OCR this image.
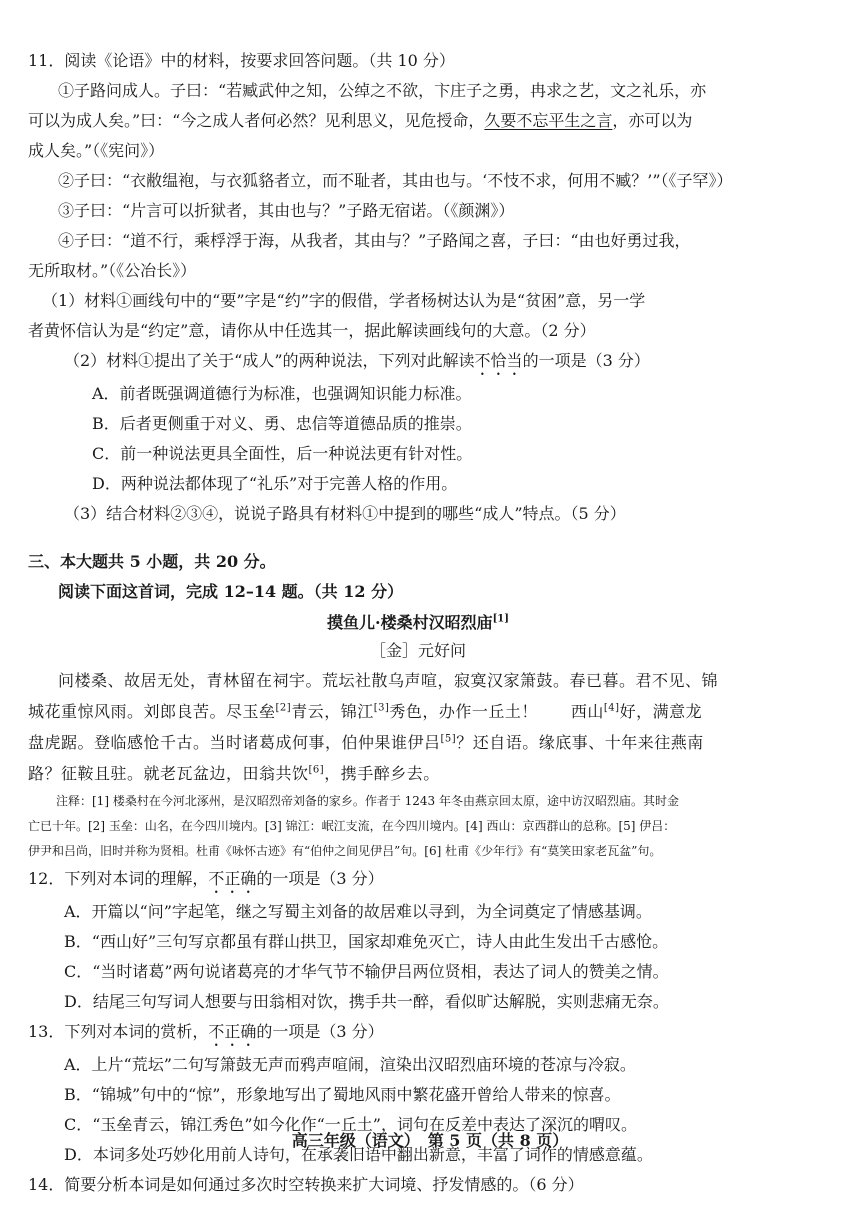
11．阅读《论语》中的材料，按要求回答问题。（共 10 分）
①子路问成人。子曰：“若臧武仲之知，公绰之不欲，卞庄子之勇，冉求之艺，文之礼乐，亦
可以为成人矣。”曰：“今之成人者何必然？见利思义，见危授命，久要不忘平生之言，亦可以为
成人矣。”（《宪问》）
②子曰：“衣敝缊袍，与衣狐貉者立，而不耻者，其由也与。‘不忮不求，何用不臧？’”（《子罕》）
③子曰：“片言可以折狱者，其由也与？”子路无宿诺。（《颜渊》）
④子曰：“道不行，乘桴浮于海，从我者，其由与？”子路闻之喜，子曰：“由也好勇过我，
无所取材。”（《公冶长》）
（1）材料①画线句中的“要”字是“约”字的假借，学者杨树达认为是“贫困”意，另一学
者黄怀信认为是“约定”意，请你从中任选其一，据此解读画线句的大意。（2 分）
（2）材料①提出了关于“成人”的两种说法，下列对此解读不恰当的一项是（3 分）
A．前者既强调道德行为标准，也强调知识能力标准。
B．后者更侧重于对义、勇、忠信等道德品质的推崇。
C．前一种说法更具全面性，后一种说法更有针对性。
D．两种说法都体现了“礼乐”对于完善人格的作用。
（3）结合材料②③④，说说子路具有材料①中提到的哪些“成人”特点。（5 分）
三、本大题共 5 小题，共 20 分。
阅读下面这首词，完成 12–14 题。（共 12 分）
摸鱼儿·楼桑村汉昭烈庙[1]
［金］元好问
问楼桑、故居无处，青林留在祠宇。荒坛社散乌声喧，寂寞汉家箫鼓。春已暮。君不见、锦
城花重惊风雨。刘郎良苦。尽玉垒[2]青云，锦江[3]秀色，办作一丘土！　　西山[4]好，满意龙
盘虎踞。登临感怆千古。当时诸葛成何事，伯仲果谁伊吕[5]？还自语。缘底事、十年来往燕南
路？征鞍且驻。就老瓦盆边，田翁共饮[6]，携手醉乡去。
注释：[1] 楼桑村在今河北涿州，是汉昭烈帝刘备的家乡。作者于 1243 年冬由燕京回太原，途中访汉昭烈庙。其时金
亡已十年。[2] 玉垒：山名，在今四川境内。[3] 锦江：岷江支流，在今四川境内。[4] 西山：京西群山的总称。[5] 伊吕：
伊尹和吕尚，旧时并称为贤相。杜甫《咏怀古迹》有“伯仲之间见伊吕”句。[6] 杜甫《少年行》有“莫笑田家老瓦盆”句。
12．下列对本词的理解，不正确的一项是（3 分）
A．开篇以“问”字起笔，继之写蜀主刘备的故居难以寻到，为全词奠定了情感基调。
B．“西山好”三句写京都虽有群山拱卫，国家却难免灭亡，诗人由此生发出千古感怆。
C．“当时诸葛”两句说诸葛亮的才华气节不输伊吕两位贤相，表达了词人的赞美之情。
D．结尾三句写词人想要与田翁相对饮，携手共一醉，看似旷达解脱，实则悲痛无奈。
13．下列对本词的赏析，不正确的一项是（3 分）
A．上片“荒坛”二句写箫鼓无声而鸦声喧闹，渲染出汉昭烈庙环境的苍凉与冷寂。
B．“锦城”句中的“惊”，形象地写出了蜀地风雨中繁花盛开曾给人带来的惊喜。
C．“玉垒青云，锦江秀色”如今化作“一丘土”，词句在反差中表达了深沉的喟叹。
D．本词多处巧妙化用前人诗句，在承袭旧语中翻出新意，丰富了词作的情感意蕴。
14．简要分析本词是如何通过多次时空转换来扩大词境、抒发情感的。（6 分）
高三年级（语文）　第 5 页（共 8 页）
